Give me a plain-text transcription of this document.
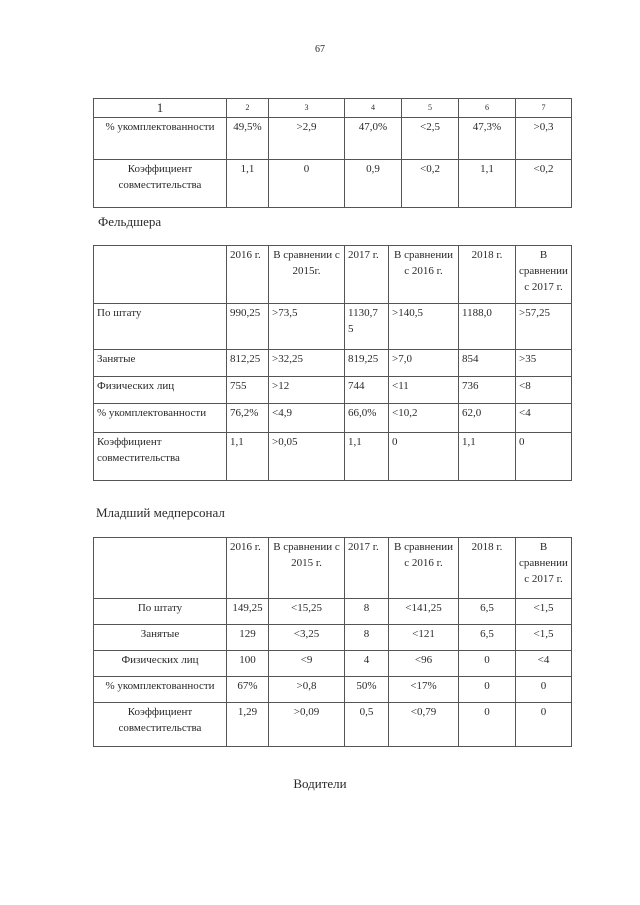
67
1	2	3	4	5	6	7
% укомплектованности	49,5%	>2,9	47,0%	<2,5	47,3%	>0,3
Коэффициент совместительства	1,1	0	0,9	<0,2	1,1	<0,2
Фельдшера
	2016 г.	В сравнении с 2015г.	2017 г.	В сравнении с 2016 г.	2018 г.	В сравнении с 2017 г.
По штату	990,25	>73,5	1130,7 5	>140,5	1188,0	>57,25
Занятые	812,25	>32,25	819,25	>7,0	854	>35
Физических лиц	755	>12	744	<11	736	<8
% укомплектованности	76,2%	<4,9	66,0%	<10,2	62,0	<4
Коэффициент совместительства	1,1	>0,05	1,1	0	1,1	0
Младший медперсонал
	2016 г.	В сравнении с 2015 г.	2017 г.	В сравнении с 2016 г.	2018 г.	В сравнении с 2017 г.
По штату	149,25	<15,25	8	<141,25	6,5	<1,5
Занятые	129	<3,25	8	<121	6,5	<1,5
Физических лиц	100	<9	4	<96	0	<4
% укомплектованности	67%	>0,8	50%	<17%	0	0
Коэффициент совместительства	1,29	>0,09	0,5	<0,79	0	0
Водители
